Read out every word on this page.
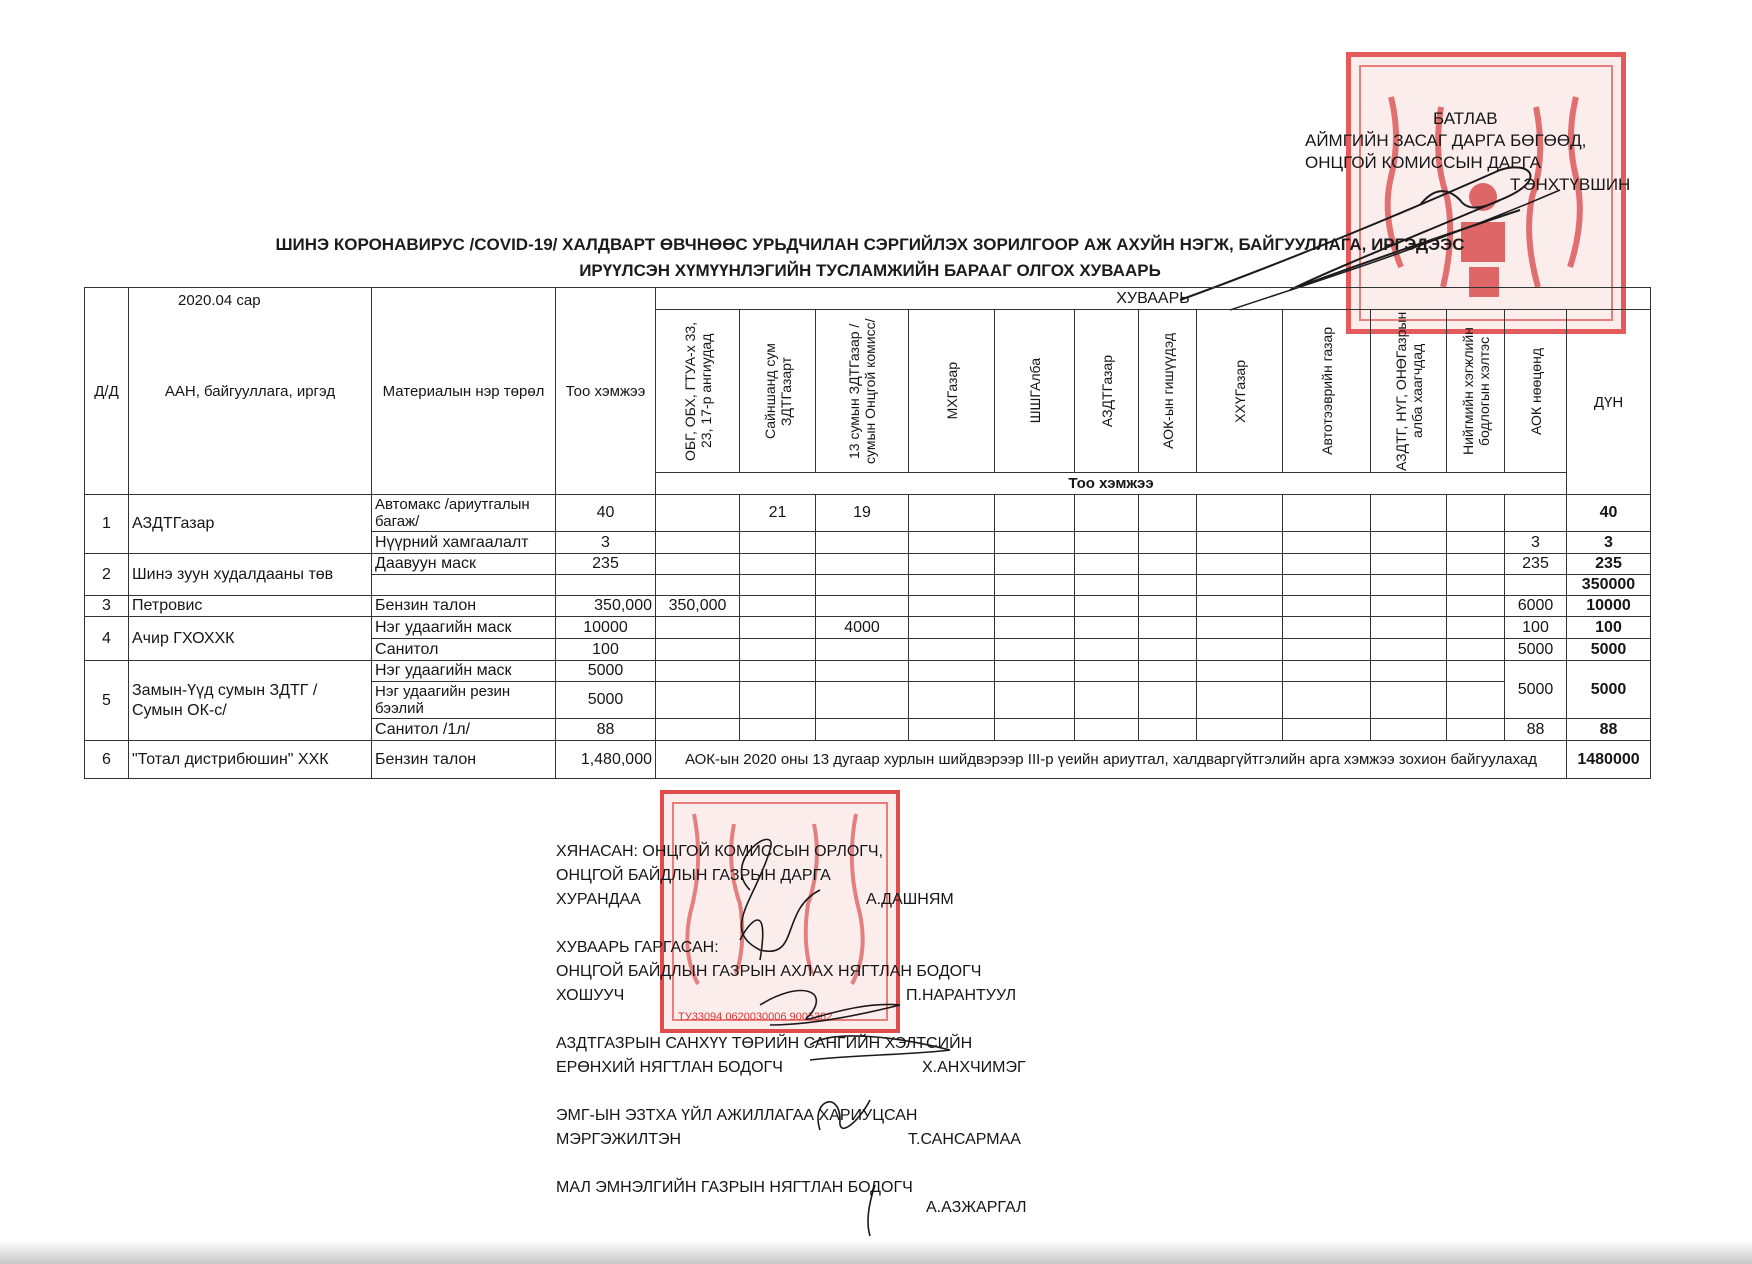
БАТЛАВ
АЙМГИЙН ЗАСАГ ДАРГА БӨГӨӨД,
ОНЦГОЙ КОМИССЫН ДАРГА
Т.ЭНХТҮВШИН
ШИНЭ КОРОНАВИРУС /COVID-19/ ХАЛДВАРТ ӨВЧНӨӨС УРЬДЧИЛАН СЭРГИЙЛЭХ ЗОРИЛГООР АЖ АХУЙН НЭГЖ, БАЙГУУЛЛАГА, ИРГЭДЭЭС
ИРҮҮЛСЭН ХҮМҮҮНЛЭГИЙН ТУСЛАМЖИЙН БАРААГ ОЛГОХ ХУВААРЬ
2020.04 сар
Д/Д	ААН, байгууллага, иргэд	Материалын нэр төрөл	Тоо хэмжээ	ХУВААРЬ												

				ОБГ, ОБХ, ГТУА-х 33, 23, 17-р ангиудад	Сайншанд сум ЗДТГазарт	13 сумын ЗДТГазар /сумын Онцгой комисс/	МХГазар	ШШГАлба	АЗДТГазар	АОК-ын гишүүдэд	ХХҮГазар	Автотээврийн газар	АЗДТГ, НҮГ, ОНӨГазрын алба хаагчдад	Нийгмийн хэгжлийн бодлогын хэлтэс	АОК нөөцөнд	ДҮН
				Тоо хэмжээ												
1	АЗДТГазар	Автомакс /ариутгалын багаж/	40		21	19										40
		Нүүрний хамгаалалт	3												3	3
2	Шинэ зуун худалдааны төв	Даавуун маск	235												235	235
																350000
3	Петровис	Бензин талон	350,000	350,000											6000	10000
4	Ачир ГХОХХК	Нэг удаагийн маск	10000			4000									100	100
		Санитол	100												5000	5000
5	Замын-Үүд сумын ЗДТГ /Сумын ОК-с/	Нэг удаагийн маск	5000												5000	5000
		Нэг удаагийн резин бээлий	5000													
		Санитол /1л/	88												88	88
6	"Тотал дистрибюшин" ХХК	Бензин талон	1,480,000	АОК-ын 2020 оны 13 дугаар хурлын шийдвэрээр III-р үеийн ариутгал, халдваргүйтгэлийн арга хэмжээ зохион байгуулахад												1480000
ТУ33094 0620030006 9005382
ХЯНАСАН: ОНЦГОЙ КОМИССЫН ОРЛОГЧ,
ОНЦГОЙ БАЙДЛЫН ГАЗРЫН ДАРГА
ХУРАНДАА	А.ДАШНЯМ
ХУВААРЬ ГАРГАСАН:
ОНЦГОЙ БАЙДЛЫН ГАЗРЫН АХЛАХ НЯГТЛАН БОДОГЧ
ХОШУУЧ	П.НАРАНТУУЛ
АЗДТГАЗРЫН САНХҮҮ ТӨРИЙН САНГИЙН ХЭЛТСИЙН
ЕРӨНХИЙ НЯГТЛАН БОДОГЧ	Х.АНХЧИМЭГ
ЭМГ-ЫН ЭЗТХА ҮЙЛ АЖИЛЛАГАА ХАРИУЦСАН
МЭРГЭЖИЛТЭН	Т.САНСАРМАА
МАЛ ЭМНЭЛГИЙН ГАЗРЫН НЯГТЛАН БОДОГЧ
А.АЗЖАРГАЛ
